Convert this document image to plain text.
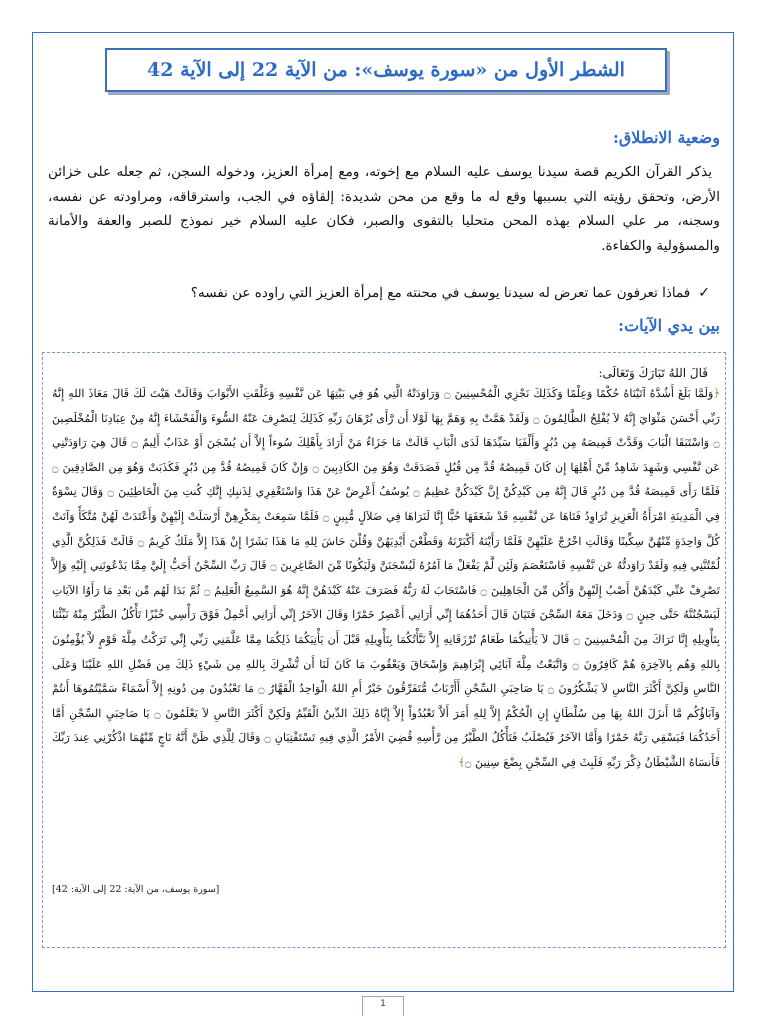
الشطر الأول من «سورة يوسف»: من الآية 22 إلى الآية 42
وضعية الانطلاق:
يذكر القرآن الكريم قصة سيدنا يوسف عليه السلام مع إخوته، ومع إمرأة العزيز، ودخوله السجن، ثم جعله على خزائن الأرض، وتحقق رؤيته التي بسببها وقع له ما وقع من محن شديدة: إلقاؤه في الجب، واسترقاقه، ومراودته عن نفسه، وسجنه، مر علي السلام بهذه المحن متحليا بالتقوى والصبر، فكان عليه السلام خير نموذج للصبر والعفة والأمانة والمسؤولية والكفاءة.
✓
فماذا تعرفون عما تعرض له سيدنا يوسف في محنته مع إمرأة العزيز التي راوده عن نفسه؟
بين يدي الآيات:
قَالَ اللهُ تَبَارَكَ وَتَعَالَى:
﴿وَلَمَّا بَلَغَ أَشُدَّهُ آتَيْنَاهُ حُكْمًا وَعِلْمًا وَكَذَلِكَ نَجْزِي الْمُحْسِنِينَ ۝ وَرَاوَدَتْهُ الَّتِي هُوَ فِي بَيْتِهَا عَن نَّفْسِهِ وَغَلَّقَتِ الأَبْوَابَ وَقَالَتْ هَيْتَ لَكَ قَالَ مَعَاذَ اللهِ إِنَّهُ رَبِّي أَحْسَنَ مَثْوَايَ إِنَّهُ لاَ يُفْلِحُ الظَّالِمُونَ ۝ وَلَقَدْ هَمَّتْ بِهِ وَهَمَّ بِهَا لَوْلا أَن رَّأَى بُرْهَانَ رَبِّهِ كَذَلِكَ لِنَصْرِفَ عَنْهُ السُّوءَ وَالْفَحْشَاءَ إِنَّهُ مِنْ عِبَادِنَا الْمُخْلَصِينَ ۝ وَاسْتَبَقَا الْبَابَ وَقَدَّتْ قَمِيصَهُ مِن دُبُرٍ وَأَلْفَيَا سَيِّدَهَا لَدَى الْبَابِ قَالَتْ مَا جَزَاءُ مَنْ أَرَادَ بِأَهْلِكَ سُوءاً إِلاَّ أَن يُسْجَنَ أَوْ عَذَابٌ أَلِيمٌ ۝ قَالَ هِيَ رَاوَدَتْنِي عَن نَّفْسِي وَشَهِدَ شَاهِدٌ مِّنْ أَهْلِهَا إِن كَانَ قَمِيصُهُ قُدَّ مِن قُبُلٍ فَصَدَقَتْ وَهُوَ مِنَ الكَاذِبِينَ ۝ وَإِنْ كَانَ قَمِيصُهُ قُدَّ مِن دُبُرٍ فَكَذَبَتْ وَهُوَ مِن الصَّادِقِينَ ۝ فَلَمَّا رَأَى قَمِيصَهُ قُدَّ مِن دُبُرٍ قَالَ إِنَّهُ مِن كَيْدِكُنَّ إِنَّ كَيْدَكُنَّ عَظِيمٌ ۝ يُوسُفُ أَعْرِضْ عَنْ هَذَا وَاسْتَغْفِرِي لِذَنبِكِ إِنَّكِ كُنتِ مِنَ الْخَاطِئِينَ ۝ وَقَالَ نِسْوَةٌ فِي الْمَدِينَةِ امْرَأَةُ الْعَزِيزِ تُرَاوِدُ فَتَاهَا عَن نَّفْسِهِ قَدْ شَغَفَهَا حُبًّا إِنَّا لَنَرَاهَا فِي ضَلاَلٍ مُّبِينٍ ۝ فَلَمَّا سَمِعَتْ بِمَكْرِهِنَّ أَرْسَلَتْ إِلَيْهِنَّ وَأَعْتَدَتْ لَهُنَّ مُتَّكَأً وَآتَتْ كُلَّ وَاحِدَةٍ مِّنْهُنَّ سِكِّينًا وَقَالَتِ اخْرُجْ عَلَيْهِنَّ فَلَمَّا رَأَيْنَهُ أَكْبَرْنَهُ وَقَطَّعْنَ أَيْدِيَهُنَّ وَقُلْنَ حَاشَ لِلهِ مَا هَذَا بَشَرًا إِنْ هَذَا إِلاَّ مَلَكٌ كَرِيمٌ ۝ قَالَتْ فَذَلِكُنَّ الَّذِي لُمْتُنَّنِي فِيهِ وَلَقَدْ رَاوَدتُّهُ عَن نَّفْسِهِ فَاسْتَعْصَمَ وَلَئِن لَّمْ يَفْعَلْ مَا آمُرُهُ لَيُسْجَنَنَّ وَلَيَكُونًا مِّنَ الصَّاغِرِينَ ۝ قَالَ رَبِّ السِّجْنُ أَحَبُّ إِلَيَّ مِمَّا يَدْعُونَنِي إِلَيْهِ وَإِلاَّ تَصْرِفْ عَنِّي كَيْدَهُنَّ أَصْبُ إِلَيْهِنَّ وَأَكُن مِّنَ الْجَاهِلِينَ ۝ فَاسْتَجَابَ لَهُ رَبُّهُ فَصَرَفَ عَنْهُ كَيْدَهُنَّ إِنَّهُ هُوَ السَّمِيعُ الْعَلِيمُ ۝ ثُمَّ بَدَا لَهُم مِّن بَعْدِ مَا رَأَوُا الآيَاتِ لَيَسْجُنُنَّهُ حَتَّى حِينٍ ۝ وَدَخَلَ مَعَهُ السِّجْنَ فَتَيَانَ قَالَ أَحَدُهُمَا إِنِّي أَرَانِي أَعْصِرُ خَمْرًا وَقَالَ الآخَرُ إِنِّي أَرَانِي أَحْمِلُ فَوْقَ رَأْسِي خُبْزًا تَأْكُلُ الطَّيْرُ مِنْهُ نَبِّئْنَا بِتَأْوِيلِهِ إِنَّا نَرَاكَ مِنَ الْمُحْسِنِينَ ۝ قَالَ لاَ يَأْتِيكُمَا طَعَامٌ تُرْزَقَانِهِ إِلاَّ نَبَّأْتُكُمَا بِتَأْوِيلِهِ قَبْلَ أَن يَأْتِيَكُمَا ذَلِكُمَا مِمَّا عَلَّمَنِي رَبِّي إِنِّي تَرَكْتُ مِلَّةَ قَوْمٍ لاَّ يُؤْمِنُونَ بِاللهِ وَهُم بِالآخِرَةِ هُمْ كَافِرُونَ ۝ وَاتَّبَعْتُ مِلَّةَ آبَائِي إِبْرَاهِيمَ وَإِسْحَاقَ وَيَعْقُوبَ مَا كَانَ لَنَا أَن نُّشْرِكَ بِاللهِ مِن شَيْءٍ ذَلِكَ مِن فَضْلِ اللهِ عَلَيْنَا وَعَلَى النَّاسِ وَلَكِنَّ أَكْثَرَ النَّاسِ لاَ يَشْكُرُونَ ۝ يَا صَاحِبَيِ السِّجْنِ أَأَرْبَابٌ مُّتَفَرِّقُونَ خَيْرٌ أَمِ اللهُ الْوَاحِدُ الْقَهَّارُ ۝ مَا تَعْبُدُونَ مِن دُونِهِ إِلاَّ أَسْمَاءً سَمَّيْتُمُوهَا أَنتُمْ وَآبَاؤُكُم مَّا أَنزَلَ اللهُ بِهَا مِن سُلْطَانٍ إِنِ الْحُكْمُ إِلاَّ لِلهِ أَمَرَ أَلاَّ تَعْبُدُواْ إِلاَّ إِيَّاهُ ذَلِكَ الدِّينُ الْقَيِّمُ وَلَكِنَّ أَكْثَرَ النَّاسِ لاَ يَعْلَمُونَ ۝ يَا صَاحِبَيِ السِّجْنِ أَمَّا أَحَدُكُمَا فَيَسْقِي رَبَّهُ خَمْرًا وَأَمَّا الآخَرُ فَيُصْلَبُ فَتَأْكُلُ الطَّيْرُ مِن رَّأْسِهِ قُضِيَ الأَمْرُ الَّذِي فِيهِ تَسْتَفْتِيَانِ ۝ وَقَالَ لِلَّذِي ظَنَّ أَنَّهُ نَاجٍ مِّنْهُمَا اذْكُرْنِي عِندَ رَبِّكَ فَأَنسَاهُ الشَّيْطَانُ ذِكْرَ رَبِّهِ فَلَبِثَ فِي السِّجْنِ بِضْعَ سِنِينَ ۝﴾
[سورة يوسف، من الآية: 22 إلى الآية: 42]
1
